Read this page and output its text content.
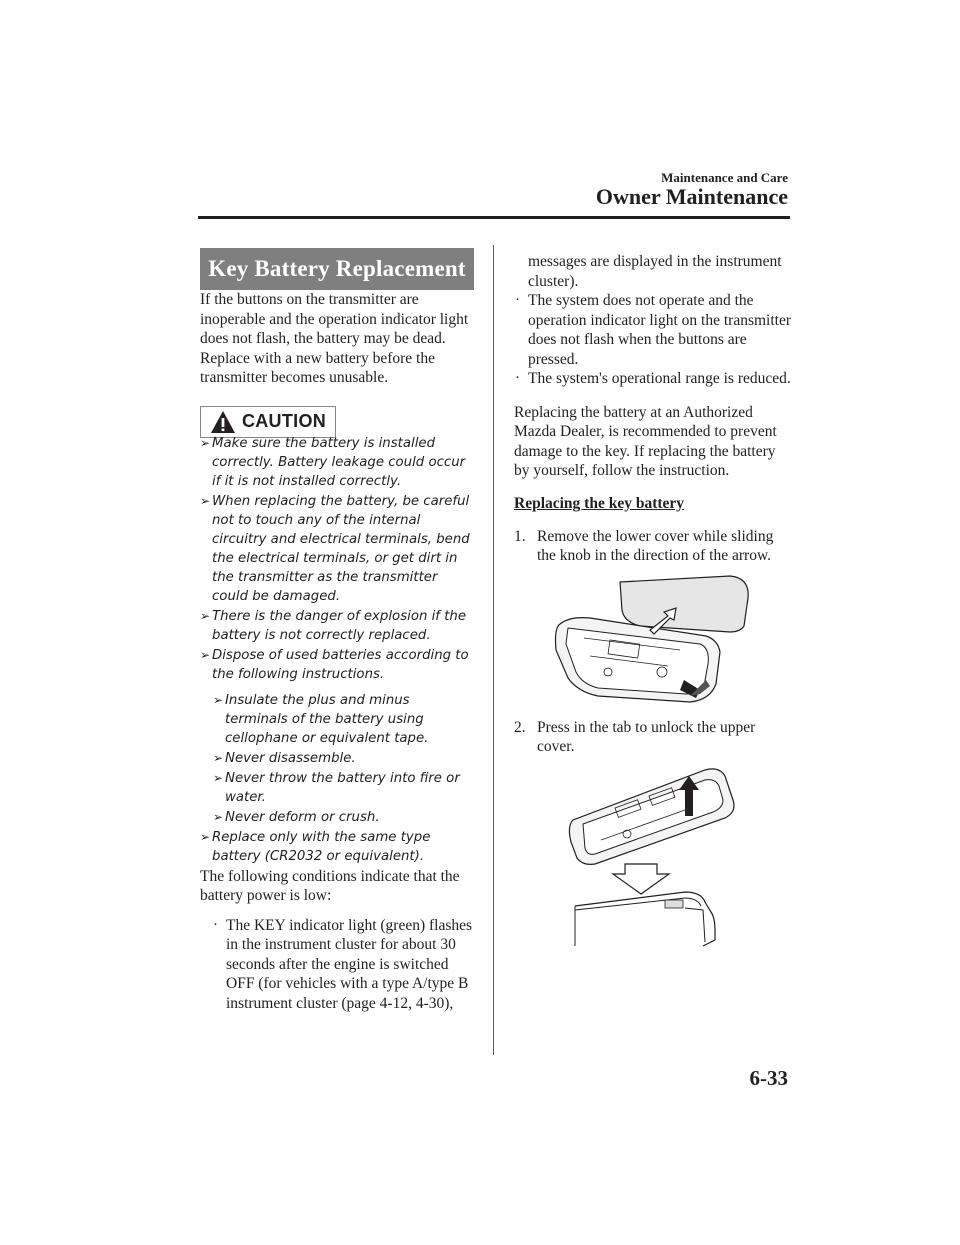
Maintenance and Care
Owner Maintenance
Key Battery Replacement

If the buttons on the transmitter are inoperable and the operation indicator light does not flash, the battery may be dead.

Replace with a new battery before the transmitter becomes unusable.

CAUTION
➢ Make sure the battery is installed correctly. Battery leakage could occur if it is not installed correctly.
➢ When replacing the battery, be careful not to touch any of the internal circuitry and electrical terminals, bend the electrical terminals, or get dirt in the transmitter as the transmitter could be damaged.
➢ There is the danger of explosion if the battery is not correctly replaced.
➢ Dispose of used batteries according to the following instructions.
➢ Insulate the plus and minus terminals of the battery using cellophane or equivalent tape.
➢ Never disassemble.
➢ Never throw the battery into fire or water.
➢ Never deform or crush.
➢ Replace only with the same type battery (CR2032 or equivalent).

The following conditions indicate that the battery power is low:

· The KEY indicator light (green) flashes in the instrument cluster for about 30 seconds after the engine is switched OFF (for vehicles with a type A/type B instrument cluster (page 4-12, 4-30),
messages are displayed in the instrument cluster).
· The system does not operate and the operation indicator light on the transmitter does not flash when the buttons are pressed.
· The system's operational range is reduced.

Replacing the battery at an Authorized Mazda Dealer, is recommended to prevent damage to the key. If replacing the battery by yourself, follow the instruction.

Replacing the key battery
1. Remove the lower cover while sliding the knob in the direction of the arrow.
2. Press in the tab to unlock the upper cover.
6-33
